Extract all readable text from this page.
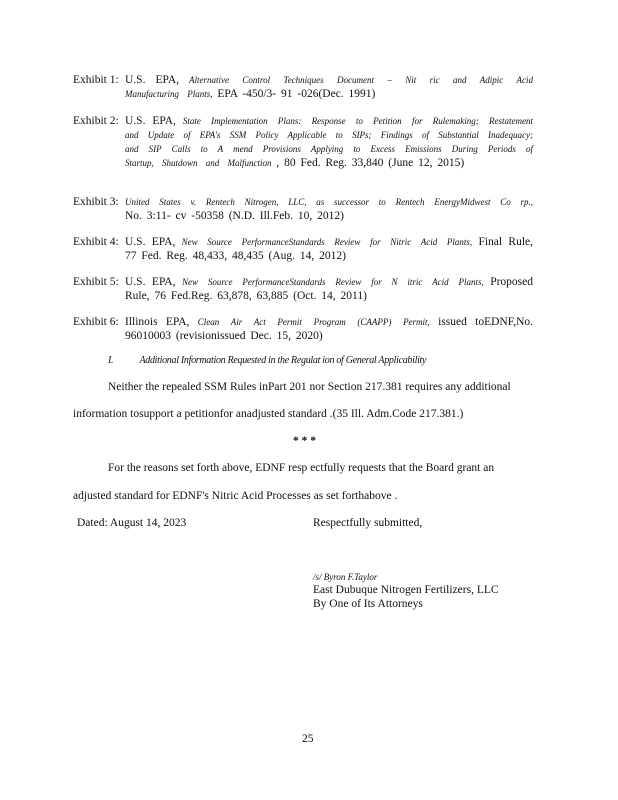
Exhibit 1: U.S. EPA, Alternative Control Techniques Document – Nit ric and Adipic Acid Manufacturing Plants, EPA -450/3- 91 -026(Dec. 1991)
Exhibit 2: U.S. EPA, State Implementation Plans: Response to Petition for Rulemaking; Restatement and Update of EPA's SSM Policy Applicable to SIPs; Findings of Substantial Inadequacy; and SIP Calls to A mend Provisions Applying to Excess Emissions During Periods of Startup, Shutdown and Malfunction , 80 Fed. Reg. 33,840 (June 12, 2015)
Exhibit 3: United States v. Rentech Nitrogen, LLC, as successor to Rentech EnergyMidwest Co rp., No. 3:11- cv -50358 (N.D. Ill.Feb. 10, 2012)
Exhibit 4: U.S. EPA, New Source PerformanceStandards Review for Nitric Acid Plants, Final Rule, 77 Fed. Reg. 48,433, 48,435 (Aug. 14, 2012)
Exhibit 5: U.S. EPA, New Source PerformanceStandards Review for N itric Acid Plants, Proposed Rule, 76 Fed.Reg. 63,878, 63,885 (Oct. 14, 2011)
Exhibit 6: Illinois EPA, Clean Air Act Permit Program (CAAPP) Permit, issued toEDNF,No. 96010003 (revisionissued Dec. 15, 2020)
I.	Additional Information Requested in the Regulat ion of General Applicability
Neither the repealed SSM Rules inPart 201 nor Section 217.381 requires any additional
information tosupport a petitionfor anadjusted standard .(35 Ill. Adm.Code 217.381.)
* * *
For the reasons set forth above, EDNF resp ectfully requests that the Board grant an
adjusted standard for EDNF's Nitric Acid Processes as set forthabove .
Dated: August 14, 2023	Respectfully submitted,
/s/ Byron F.Taylor
East Dubuque Nitrogen Fertilizers, LLC
By One of Its Attorneys
25
